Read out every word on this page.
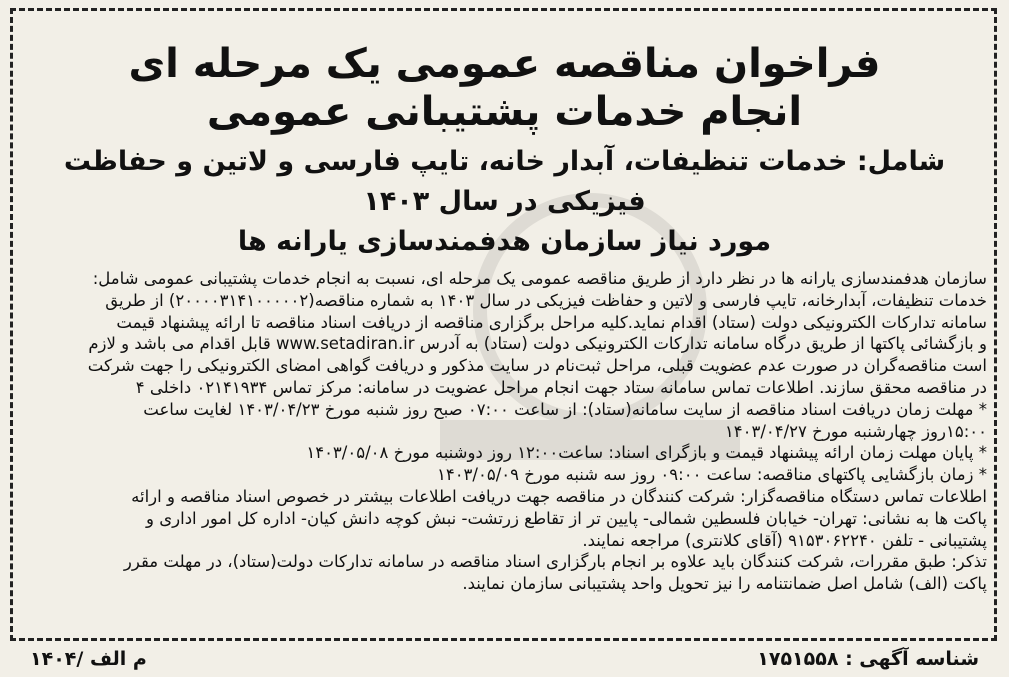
فراخوان مناقصه عمومی یک مرحله ای
انجام خدمات پشتیبانی عمومی
شامل: خدمات تنظیفات، آبدار خانه، تایپ فارسی و لاتین و حفاظت فیزیکی در سال ۱۴۰۳
مورد نیاز سازمان هدفمندسازی یارانه ها
سازمان هدفمندسازی یارانه ها در نظر دارد از طریق مناقصه عمومی یک مرحله ای، نسبت به انجام خدمات پشتیبانی عمومی شامل:
خدمات تنظیفات، آبدارخانه، تایپ فارسی و لاتین و حفاظت فیزیکی در سال ۱۴۰۳ به شماره مناقصه(۲۰۰۰۰۳۱۴۱۰۰۰۰۰۲) از طریق
سامانه تدارکات الکترونیکی دولت (ستاد) اقدام نماید.کلیه مراحل برگزاری مناقصه از دریافت اسناد مناقصه تا ارائه پیشنهاد قیمت
و بازگشائی پاکتها از طریق درگاه سامانه تدارکات الکترونیکی دولت (ستاد) به آدرس www.setadiran.ir قابل اقدام می باشد و لازم
است مناقصه‌گران در صورت عدم عضویت قبلی، مراحل ثبت‌نام در سایت مذکور و دریافت گواهی امضای الکترونیکی را جهت شرکت
در مناقصه محقق سازند. اطلاعات تماس سامانه ستاد جهت انجام مراحل عضویت در سامانه: مرکز تماس ۰۲۱۴۱۹۳۴ داخلی ۴
* مهلت زمان دریافت اسناد مناقصه از سایت سامانه(ستاد): از ساعت ۰۷:۰۰ صبح روز شنبه مورخ ۱۴۰۳/۰۴/۲۳ لغایت ساعت
۱۵:۰۰روز چهارشنبه مورخ ۱۴۰۳/۰۴/۲۷
* پایان مهلت زمان ارائه پیشنهاد قیمت و بازگرای اسناد: ساعت۱۲:۰۰ روز دوشنبه مورخ ۱۴۰۳/۰۵/۰۸
* زمان بازگشایی پاکتهای مناقصه: ساعت ۰۹:۰۰ روز سه شنبه مورخ ۱۴۰۳/۰۵/۰۹
اطلاعات تماس دستگاه مناقصه‌گزار: شرکت کنندگان در مناقصه جهت دریافت اطلاعات بیشتر در خصوص اسناد مناقصه و ارائه
پاکت ها به نشانی: تهران- خیابان فلسطین شمالی- پایین تر از تقاطع زرتشت- نبش کوچه دانش کیان- اداره کل امور اداری و
پشتیبانی - تلفن ۹۱۵۳۰۶۲۲۴۰ (آقای کلانتری) مراجعه نمایند.
تذکر: طبق مقررات، شرکت کنندگان باید علاوه بر انجام بارگزاری اسناد مناقصه در سامانه تدارکات دولت(ستاد)، در مهلت مقرر
پاکت (الف) شامل اصل ضمانتنامه را نیز تحویل واحد پشتیبانی سازمان نمایند.
شناسه آگهی : ۱۷۵۱۵۵۸
م الف /۱۴۰۴
